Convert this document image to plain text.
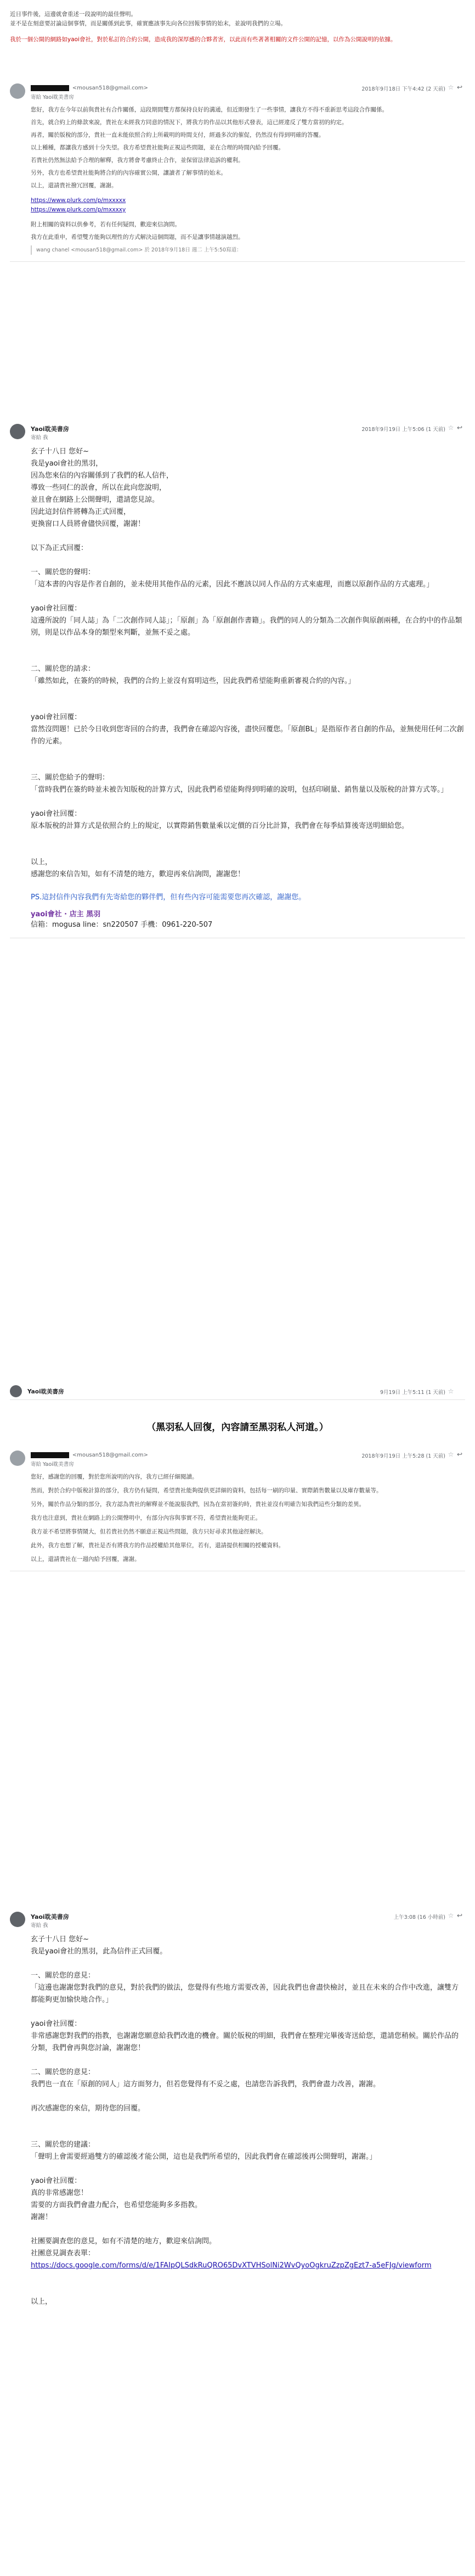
近日事件後，這邊就會重述一段說明的最佳聲明。

並不是在刻意要討論這個事情，而是關係到此事，確實應該事先向各位回報事情的始末，並說明我們的立場。

我於一個公開的網路如yaoi會社，對於私訂的合約公開，造成我的深厚感的合夥者害，以此而有些著著相關的文件公開的記憶，以作為公開說明的依據。

<mousan518@gmail.com>
寄給 Yaoi耽美書房
2018年9月18日 下午4:42 (2 天前) ☆ ↩

您好，我方在今年以前與貴社有合作關係，這段期間雙方都保持良好的溝通，但近期發生了一些事情，讓我方不得不重新思考這段合作關係。

首先，就合約上的條款來說，貴社在未經我方同意的情況下，將我方的作品以其他形式發表，這已經違反了雙方當初的約定。

再者，關於版稅的部分，貴社一直未能依照合約上所載明的時間支付，經過多次的催促，仍然沒有得到明確的答覆。

以上種種，都讓我方感到十分失望。我方希望貴社能夠正視這些問題，並在合理的時間內給予回覆。

若貴社仍然無法給予合理的解釋，我方將會考慮終止合作，並保留法律追訴的權利。

另外，我方也希望貴社能夠將合約的內容確實公開，讓讀者了解事情的始末。

以上，還請貴社撥冗回覆，謝謝。

https://www.plurk.com/p/mxxxxx

https://www.plurk.com/p/mxxxxy

附上相關的資料以供參考，若有任何疑問，歡迎來信詢問。

我方在此重申，希望雙方能夠以理性的方式解決這個問題，而不是讓事情越演越烈。

wang chanel <mousan518@gmail.com> 於 2018年9月18日 週二 上午5:50寫道：

Yaoi耽美書房
寄給 我
2018年9月19日 上午5:06 (1 天前) ☆ ↩

玄子十八日 您好~

我是yaoi會社的黑羽，

因為您來信的內容關係到了我們的私人信件，

導致一些同仁的誤會，所以在此向您說明，

並且會在網路上公開聲明，還請您見諒。

因此這封信件將轉為正式回覆，

更換窗口人員將會儘快回覆，謝謝！

以下為正式回覆：

一、關於您的聲明：

「這本書的內容是作者自創的，並未使用其他作品的元素，因此不應該以同人作品的方式來處理，而應以原創作品的方式處理。」

yaoi會社回覆：

這邊所說的「同人誌」為「二次創作同人誌」；「原創」為「原創創作書籍」。我們的同人的分類為二次創作與原創兩種，在合約中的作品類別，則是以作品本身的類型來判斷，並無不妥之處。

二、關於您的請求：

「雖然如此，在簽約的時候，我們的合約上並沒有寫明這些，因此我們希望能夠重新審視合約的內容。」

yaoi會社回覆：

當然沒問題！已於今日收到您寄回的合約書，我們會在確認內容後，盡快回覆您。「原創BL」是指原作者自創的作品，並無使用任何二次創作的元素。

三、關於您給予的聲明：

「當時我們在簽約時並未被告知版稅的計算方式，因此我們希望能夠得到明確的說明，包括印刷量、銷售量以及版稅的計算方式等。」

yaoi會社回覆：

原本版稅的計算方式是依照合約上的規定，以實際銷售數量乘以定價的百分比計算，我們會在每季結算後寄送明細給您。

以上，

感謝您的來信告知，如有不清楚的地方，歡迎再來信詢問，謝謝您！

PS.這封信件內容我們有先寄給您的夥伴們，但有些內容可能需要您再次確認，謝謝您。

yaoi會社 · 店主 黑羽

信箱：mogusa line：sn220507 手機：0961-220-507

Yaoi耽美書房	9月19日 上午5:11 (1 天前) ☆
（黑羽私人回復，內容請至黑羽私人河道。）
<mousan518@gmail.com>
寄給 Yaoi耽美書房
2018年9月19日 上午5:28 (1 天前) ☆ ↩

您好，感謝您的回覆，對於您所說明的內容，我方已經仔細閱讀。

然而，對於合約中版稅計算的部分，我方仍有疑問，希望貴社能夠提供更詳細的資料，包括每一刷的印量、實際銷售數量以及庫存數量等。

另外，關於作品分類的部分，我方認為貴社的解釋並不能說服我們，因為在當初簽約時，貴社並沒有明確告知我們這些分類的差異。

我方也注意到，貴社在網路上的公開聲明中，有部分內容與事實不符，希望貴社能夠更正。

我方並不希望將事情鬧大，但若貴社仍然不願意正視這些問題，我方只好尋求其他途徑解決。

此外，我方也想了解，貴社是否有將我方的作品授權給其他單位，若有，還請提供相關的授權資料。

以上，還請貴社在一週內給予回覆，謝謝。

Yaoi耽美書房
寄給 我
上午3:08 (16 小時前) ☆ ↩

玄子十八日 您好~

我是yaoi會社的黑羽，此為信件正式回覆。

一、關於您的意見：

「這邊也謝謝您對我們的意見，對於我們的做法，您覺得有些地方需要改善，因此我們也會盡快檢討，並且在未來的合作中改進，讓雙方都能夠更加愉快地合作。」

yaoi會社回覆：

非常感謝您對我們的指教，也謝謝您願意給我們改進的機會。關於版稅的明細，我們會在整理完畢後寄送給您，還請您稍候。關於作品的分類，我們會再與您討論，謝謝您！

二、關於您的意見：

我們也一直在「原創的同人」這方面努力，但若您覺得有不妥之處，也請您告訴我們，我們會盡力改善，謝謝。

再次感謝您的來信，期待您的回覆。

三、關於您的建議：

「聲明上會需要經過雙方的確認後才能公開，這也是我們所希望的，因此我們會在確認後再公開聲明，謝謝。」

yaoi會社回覆：

真的非常感謝您！
需要的方面我們會盡力配合，也希望您能夠多多指教。
謝謝！

社團要調查您的意見，如有不清楚的地方，歡迎來信詢問。

社團意見調查表單：

https://docs.google.com/forms/d/e/1FAIpQLSdkRuQRO65DvXTVHSolNi2WvQyoOgkruZzpZgEzt7-a5eFJg/viewform

以上，
